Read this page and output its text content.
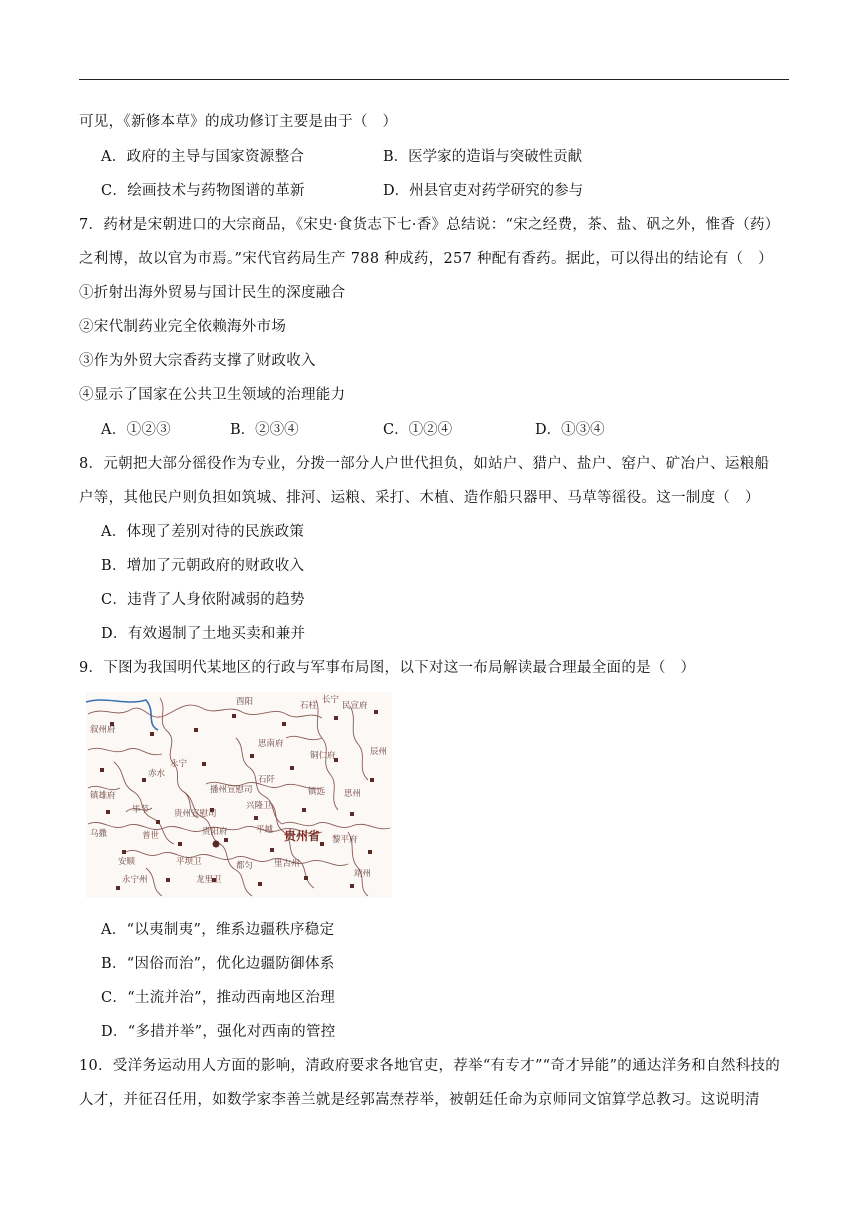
可见，《新修本草》的成功修订主要是由于（　）
A．政府的主导与国家资源整合	B．医学家的造诣与突破性贡献
C．绘画技术与药物图谱的革新	D．州县官吏对药学研究的参与
7．药材是宋朝进口的大宗商品，《宋史·食货志下七·香》总结说：“宋之经费，茶、盐、矾之外，惟香（药）
之利博，故以官为市焉。”宋代官药局生产 788 种成药，257 种配有香药。据此，可以得出的结论有（　）
①折射出海外贸易与国计民生的深度融合
②宋代制药业完全依赖海外市场
③作为外贸大宗香药支撑了财政收入
④显示了国家在公共卫生领域的治理能力
A．①②③	B．②③④	C．①②④	D．①③④
8．元朝把大部分徭役作为专业，分拨一部分人户世代担负，如站户、猎户、盐户、窑户、矿冶户、运粮船
户等，其他民户则负担如筑城、排河、运粮、采打、木植、造作船只器甲、马草等徭役。这一制度（　）
A．体现了差别对待的民族政策
B．增加了元朝政府的财政收入
C．违背了人身依附减弱的趋势
D．有效遏制了土地买卖和兼并
9．下图为我国明代某地区的行政与军事布局图，以下对这一布局解读最合理最全面的是（　）
酉阳	石柱
长宁
民宣府
叙州府
永宁
赤水
思南府
石阡
铜仁府	辰州
镇雄府
播州宣慰司	镇远
毕节	贵州宣慰司
兴隆卫
贵阳府
乌撒	普世
平越
都匀
黎平府
贵州省
安顺	平坝卫	里古州
龙里卫
永宁州
思州
靖州
A．“以夷制夷”，维系边疆秩序稳定
B．“因俗而治”，优化边疆防御体系
C．“土流并治”，推动西南地区治理
D．“多措并举”，强化对西南的管控
10．受洋务运动用人方面的影响，清政府要求各地官吏，荐举“有专才”“奇才异能”的通达洋务和自然科技的
人才，并征召任用，如数学家李善兰就是经郭嵩焘荐举，被朝廷任命为京师同文馆算学总教习。这说明清
